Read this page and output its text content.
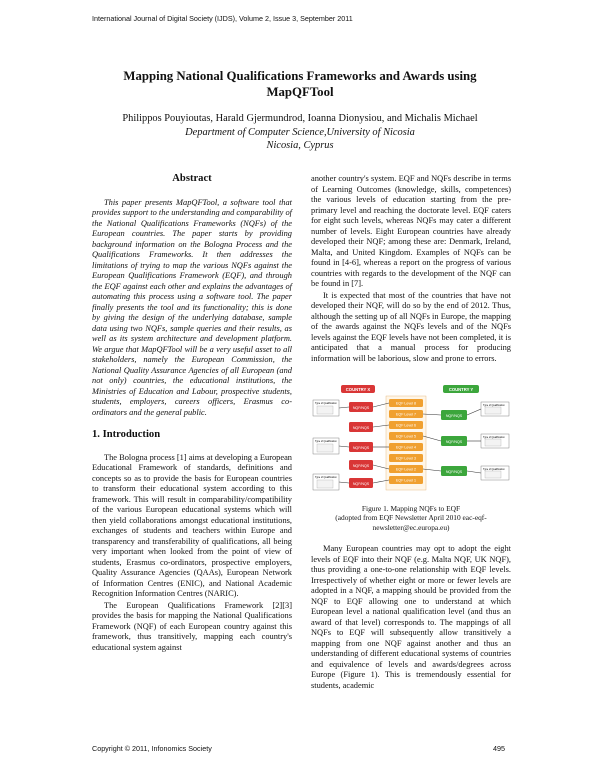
International Journal of Digital Society (IJDS), Volume 2, Issue 3, September 2011
Mapping National Qualifications Frameworks and Awards using MapQFTool
Philippos Pouyioutas, Harald Gjermundrod, Ioanna Dionysiou, and Michalis Michael
Department of Computer Science,University of Nicosia
Nicosia, Cyprus
Abstract

This paper presents MapQFTool, a software tool that provides support to the understanding and comparability of the National Qualifications Frameworks (NQFs) of the European countries. The paper starts by providing background information on the Bologna Process and the Qualifications Frameworks. It then addresses the limitations of trying to map the various NQFs against the European Qualifications Framework (EQF), and through the EQF against each other and explains the advantages of automating this process using a software tool. The paper finally presents the tool and its functionality; this is done by giving the design of the underlying database, sample data using two NQFs, sample queries and their results, as well as its system architecture and development platform. We argue that MapQFTool will be a very useful asset to all stakeholders, namely the European Commission, the National Quality Assurance Agencies of all European (and not only) countries, the educational institutions, the Ministries of Education and Labour, prospective students, students, employers, careers officers, Erasmus co-ordinators and the general public.

1. Introduction

The Bologna process [1] aims at developing a European Educational Framework of standards, definitions and concepts so as to provide the basis for European countries to transform their educational system according to this framework. This will result in comparability/compatibility of the various European educational systems which will then yield collaborations amongst educational institutions, exchanges of students and teachers within Europe and transparency and transferability of qualifications, all being very important when looked from the point of view of students, Erasmus co-ordinators, prospective employers, Quality Assurance Agencies (QAAs), European Network of Information Centres (ENIC), and National Academic Recognition Information Centres (NARIC).

The European Qualifications Framework [2][3] provides the basis for mapping the National Qualifications Framework (NQF) of each European country against this framework, thus transitively, mapping each country's educational system against

another country's system. EQF and NQFs describe in terms of Learning Outcomes (knowledge, skills, competences) the various levels of education starting from the pre-primary level and reaching the doctorate level. EQF caters for eight such levels, whereas NQFs may cater a different number of levels. Eight European countries have already developed their NQF; among these are: Denmark, Ireland, Malta, and United Kingdom. Examples of NQFs can be found in [4-6], whereas a report on the progress of various countries with regards to the development of the NQF can be found in [7].

It is expected that most of the countries that have not developed their NQF, will do so by the end of 2012. Thus, although the setting up of all NQFs in Europe, the mapping of the awards against the NQFs levels and of the NQFs levels against the EQF levels have not been completed, it is anticipated that a manual process for producing information will be laborious, slow and prone to errors.

COUNTRY X	COUNTRY Y
Type of Qualification
Type of Qualification
Type of Qualification
NQF/NQS
NQF/NQS
NQF/NQS
NQF/NQS
NQF/NQS
EQF Level 8
EQF Level 7
EQF Level 6
EQF Level 5
EQF Level 4
EQF Level 3
EQF Level 2
EQF Level 1
NQF/NQS
NQF/NQS
NQF/NQS
Type of Qualification
Type of Qualification
Type of Qualification
Figure 1. Mapping NQFs to EQF
(adopted from EQF Newsletter April 2010 eac-eqf-newsletter@ec.europa.eu)

Many European countries may opt to adopt the eight levels of EQF into their NQF (e.g. Malta NQF, UK NQF), thus providing a one-to-one relationship with EQF levels. Irrespectively of whether eight or more or fewer levels are adopted in a NQF, a mapping should be provided from the NQF to EQF allowing one to understand at which European level a national qualification level (and thus an award of that level) corresponds to. The mappings of all NQFs to EQF will subsequently allow transitively a mapping from one NQF against another and thus an understanding of different educational systems of countries and equivalence of levels and awards/degrees across Europe (Figure 1). This is tremendously essential for students, academic

Copyright © 2011, Infonomics Society	495
